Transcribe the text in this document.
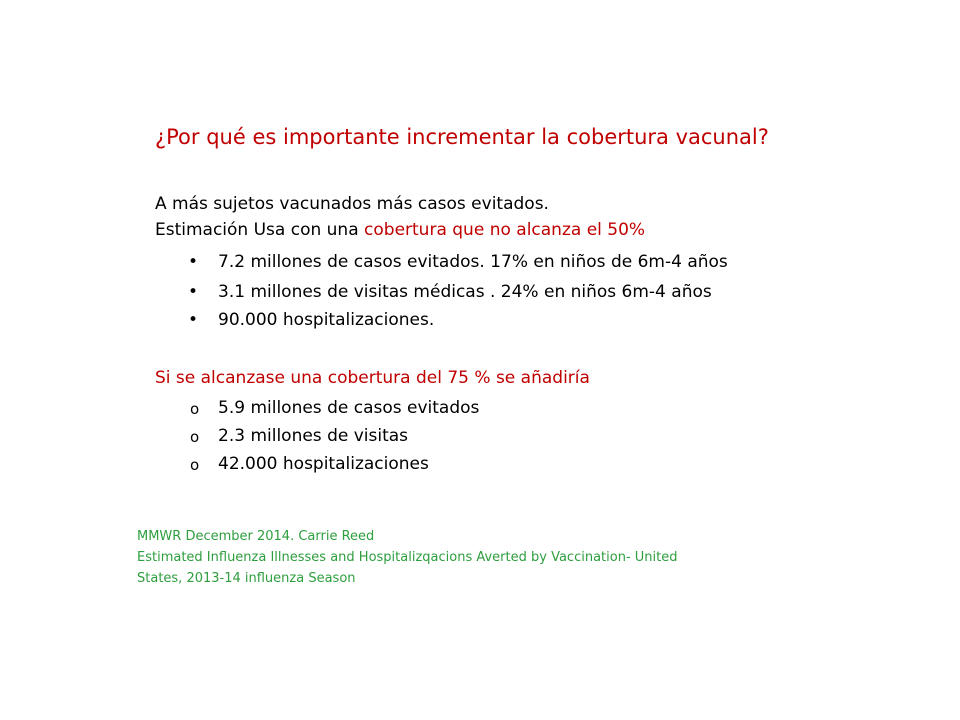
¿Por qué es importante incrementar la cobertura vacunal?
A más sujetos vacunados más casos evitados.
Estimación Usa con una cobertura que no alcanza el 50%
• 7.2 millones de casos evitados. 17% en niños de 6m-4 años
• 3.1 millones de visitas médicas . 24% en niños 6m-4 años
• 90.000 hospitalizaciones.
Si se alcanzase una cobertura del 75 % se añadiría
o 5.9 millones de casos evitados
o 2.3 millones de visitas
o 42.000 hospitalizaciones
MMWR December 2014. Carrie Reed
Estimated Influenza Illnesses and Hospitalizqacions Averted by Vaccination- United
States, 2013-14 influenza Season
